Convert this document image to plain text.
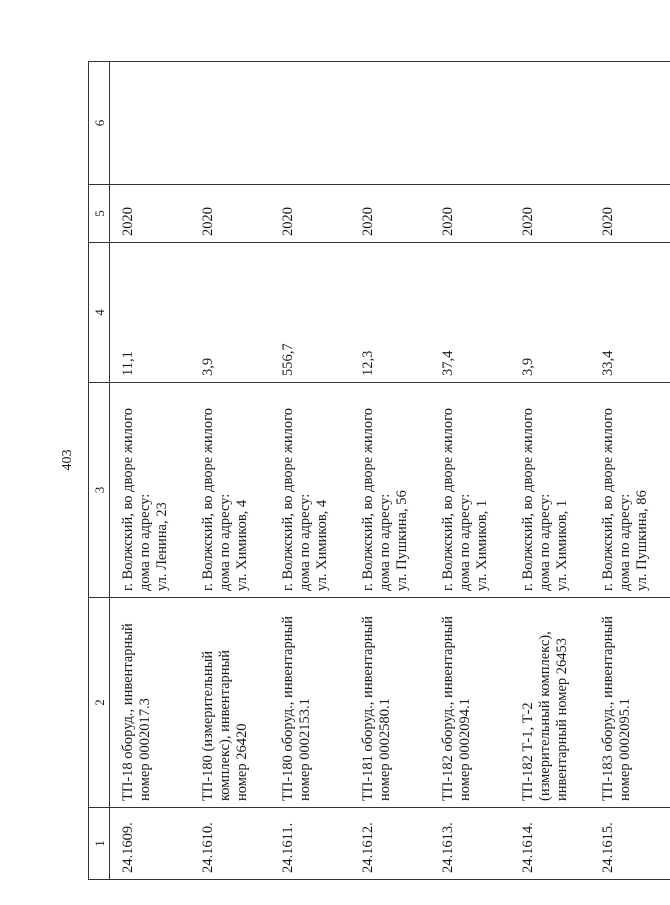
403
1	2	3	4	5	6
24.1609.	ТП-18 оборуд., инвентарный номер 0002017.3	г. Волжский, во дворе жилого дома по адресу: ул. Ленина, 23	11,1	2020	
24.1610.	ТП-180 (измерительный комплекс), инвентарный номер 26420	г. Волжский, во дворе жилого дома по адресу: ул. Химиков, 4	3,9	2020	
24.1611.	ТП-180 оборуд., инвентарный номер 0002153.1	г. Волжский, во дворе жилого дома по адресу: ул. Химиков, 4	556,7	2020	
24.1612.	ТП-181 оборуд., инвентарный номер 0002580.1	г. Волжский, во дворе жилого дома по адресу: ул. Пушкина, 56	12,3	2020	
24.1613.	ТП-182 оборуд., инвентарный номер 0002094.1	г. Волжский, во дворе жилого дома по адресу: ул. Химиков, 1	37,4	2020	
24.1614.	ТП-182 Т-1, Т-2 (измерительный комплекс), инвентарный номер 26453	г. Волжский, во дворе жилого дома по адресу: ул. Химиков, 1	3,9	2020	
24.1615.	ТП-183 оборуд., инвентарный номер 0002095.1	г. Волжский, во дворе жилого дома по адресу: ул. Пушкина, 86	33,4	2020	
